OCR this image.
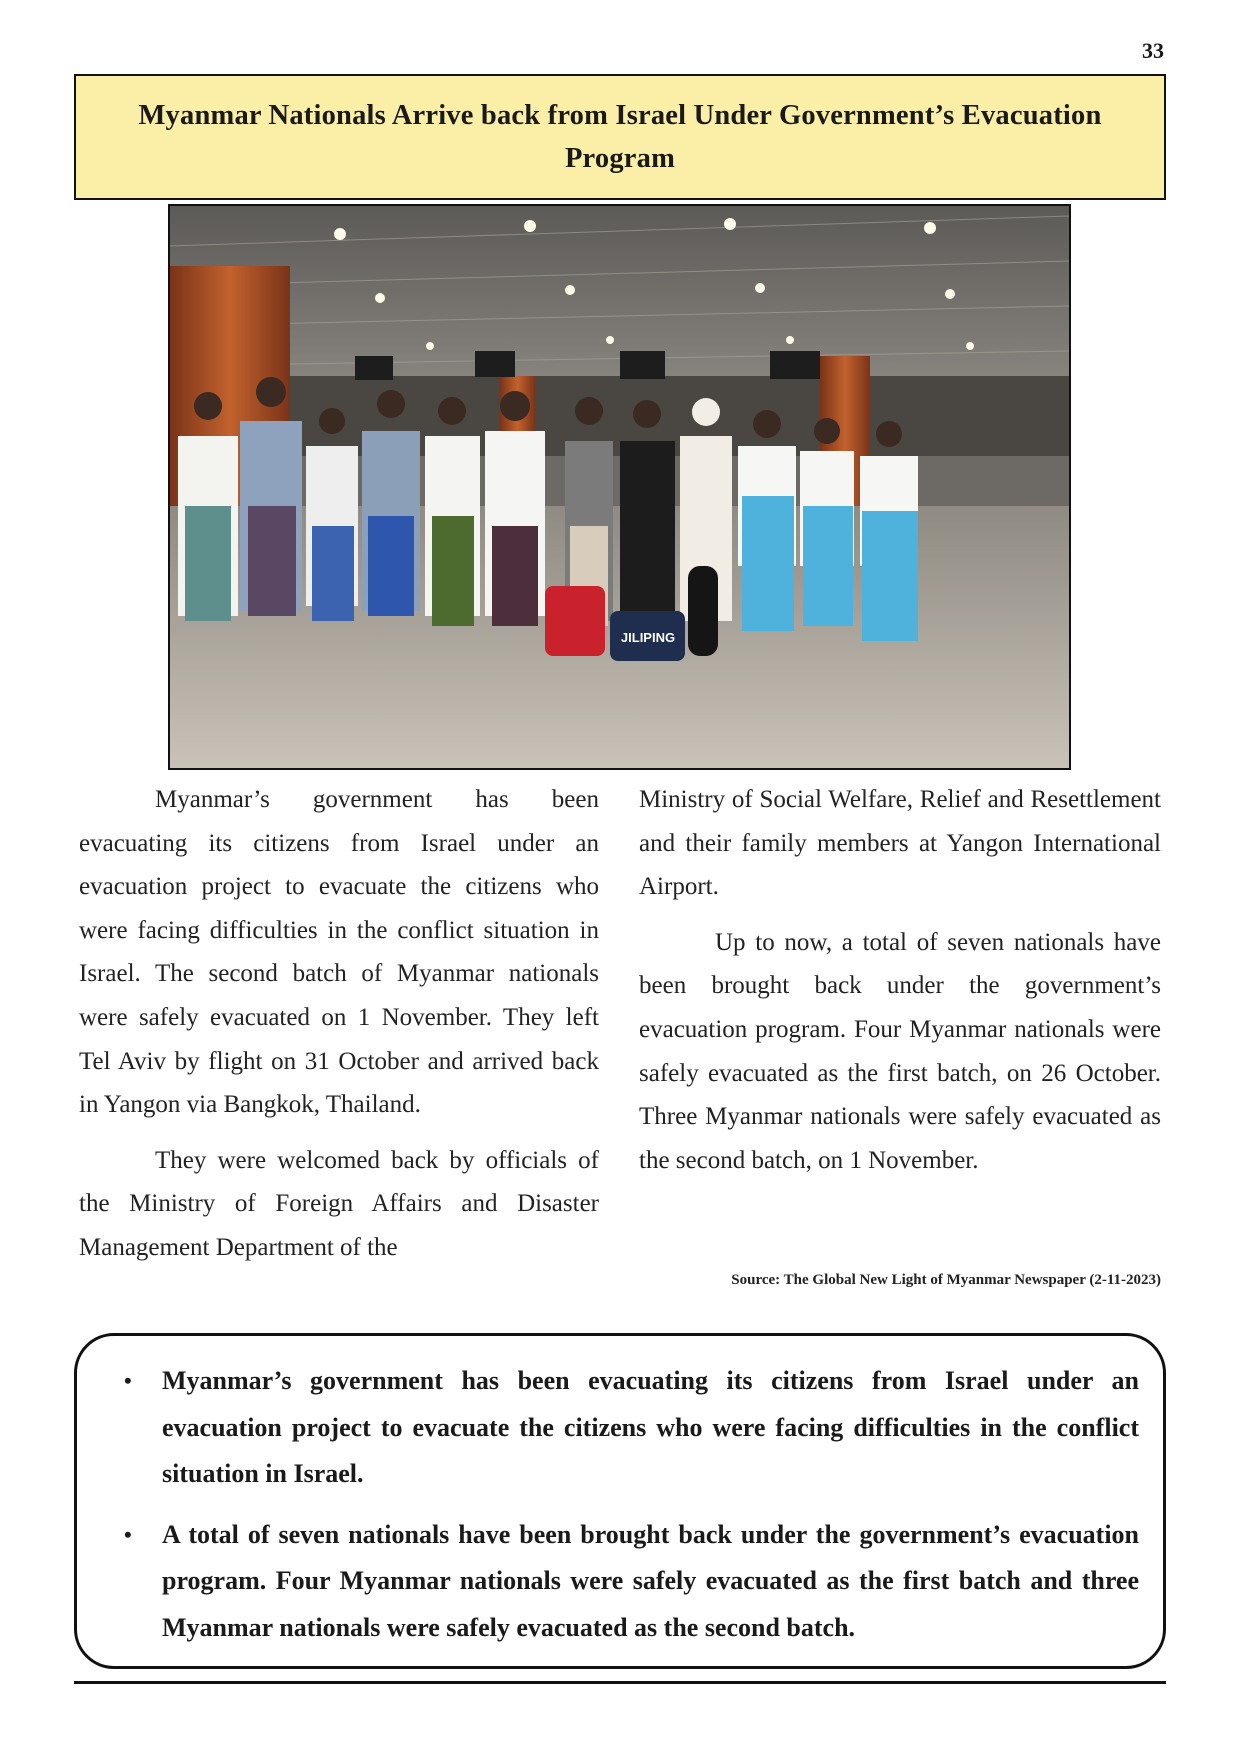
33
Myanmar Nationals Arrive back from Israel Under Government’s Evacuation Program
JILIPING

Myanmar’s government has been evacuating its citizens from Israel under an evacuation project to evacuate the citizens who were facing difficulties in the conflict situation in Israel. The second batch of Myanmar nationals were safely evacuated on 1 November. They left Tel Aviv by flight on 31 October and arrived back in Yangon via Bangkok, Thailand.

They were welcomed back by officials of the Ministry of Foreign Affairs and Disaster Management Department of the

Ministry of Social Welfare, Relief and Resettlement and their family members at Yangon International Airport.

Up to now, a total of seven nationals have been brought back under the government’s evacuation program. Four Myanmar nationals were safely evacuated as the first batch, on 26 October. Three Myanmar nationals were safely evacuated as the second batch, on 1 November.

Source: The Global New Light of Myanmar Newspaper (2-11-2023)
• Myanmar’s government has been evacuating its citizens from Israel under an evacuation project to evacuate the citizens who were facing difficulties in the conflict situation in Israel.
• A total of seven nationals have been brought back under the government’s evacuation program. Four Myanmar nationals were safely evacuated as the first batch and three Myanmar nationals were safely evacuated as the second batch.
